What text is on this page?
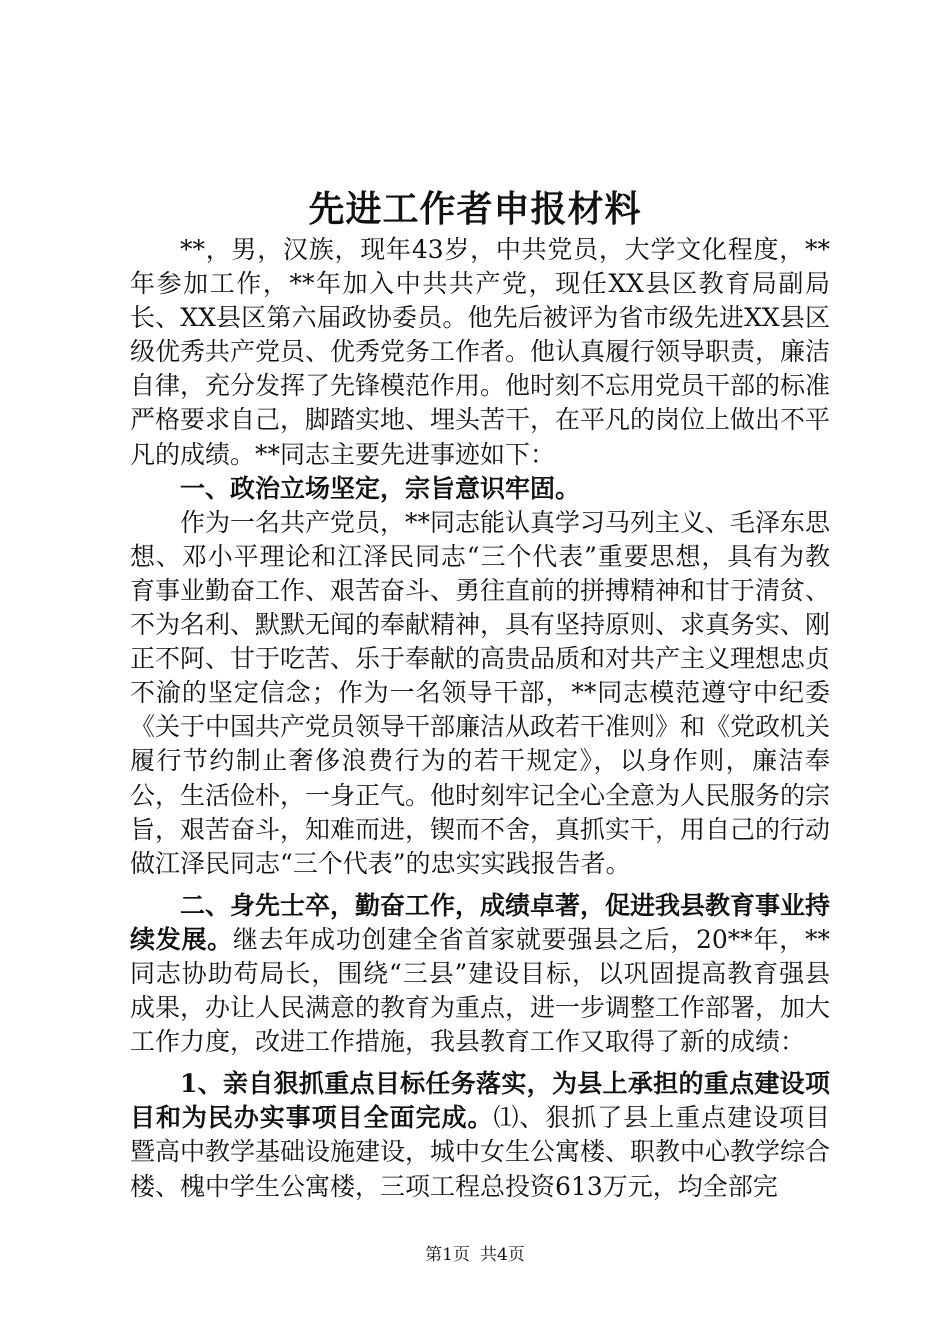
先进工作者申报材料

**，男，汉族，现年43岁，中共党员，大学文化程度，**年参加工作，**年加入中共共产党，现任XX县区教育局副局长、XX县区第六届政协委员。他先后被评为省市级先进XX县区级优秀共产党员、优秀党务工作者。他认真履行领导职责，廉洁自律，充分发挥了先锋模范作用。他时刻不忘用党员干部的标准严格要求自己，脚踏实地、埋头苦干，在平凡的岗位上做出不平凡的成绩。**同志主要先进事迹如下：

一、政治立场坚定，宗旨意识牢固。

作为一名共产党员，**同志能认真学习马列主义、毛泽东思想、邓小平理论和江泽民同志“三个代表”重要思想，具有为教育事业勤奋工作、艰苦奋斗、勇往直前的拼搏精神和甘于清贫、不为名利、默默无闻的奉献精神，具有坚持原则、求真务实、刚正不阿、甘于吃苦、乐于奉献的高贵品质和对共产主义理想忠贞不渝的坚定信念；作为一名领导干部，**同志模范遵守中纪委《关于中国共产党员领导干部廉洁从政若干准则》和《党政机关履行节约制止奢侈浪费行为的若干规定》，以身作则，廉洁奉公，生活俭朴，一身正气。他时刻牢记全心全意为人民服务的宗旨，艰苦奋斗，知难而进，锲而不舍，真抓实干，用自己的行动做江泽民同志“三个代表”的忠实实践报告者。

二、身先士卒，勤奋工作，成绩卓著，促进我县教育事业持续发展。继去年成功创建全省首家就要强县之后，20**年，**同志协助苟局长，围绕“三县”建设目标，以巩固提高教育强县成果，办让人民满意的教育为重点，进一步调整工作部署，加大工作力度，改进工作措施，我县教育工作又取得了新的成绩：

1、亲自狠抓重点目标任务落实，为县上承担的重点建设项目和为民办实事项目全面完成。⑴、狠抓了县上重点建设项目暨高中教学基础设施建设，城中女生公寓楼、职教中心教学综合楼、槐中学生公寓楼，三项工程总投资613万元，均全部完

第1页 共4页
